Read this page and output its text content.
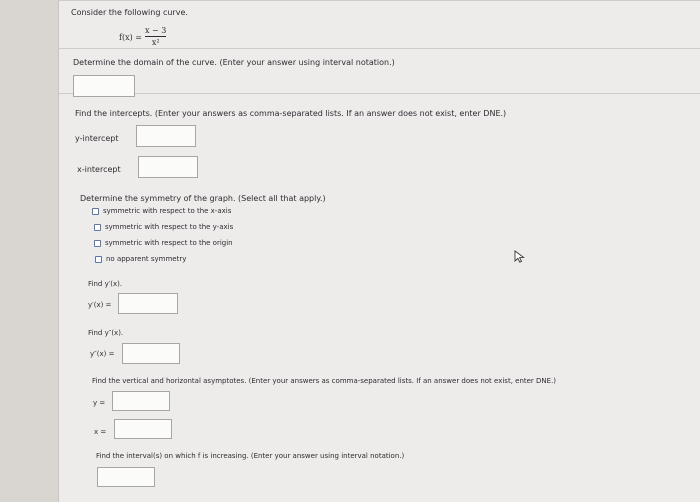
Consider the following curve.
f(x) =
x − 3
x²
Determine the domain of the curve. (Enter your answer using interval notation.)
Find the intercepts. (Enter your answers as comma-separated lists. If an answer does not exist, enter DNE.)
y-intercept
x-intercept
Determine the symmetry of the graph. (Select all that apply.)
symmetric with respect to the x-axis
symmetric with respect to the y-axis
symmetric with respect to the origin
no apparent symmetry
Find y′(x).
y′(x) =
Find y″(x).
y″(x) =
Find the vertical and horizontal asymptotes. (Enter your answers as comma-separated lists. If an answer does not exist, enter DNE.)
y =
x =
Find the interval(s) on which f is increasing. (Enter your answer using interval notation.)
